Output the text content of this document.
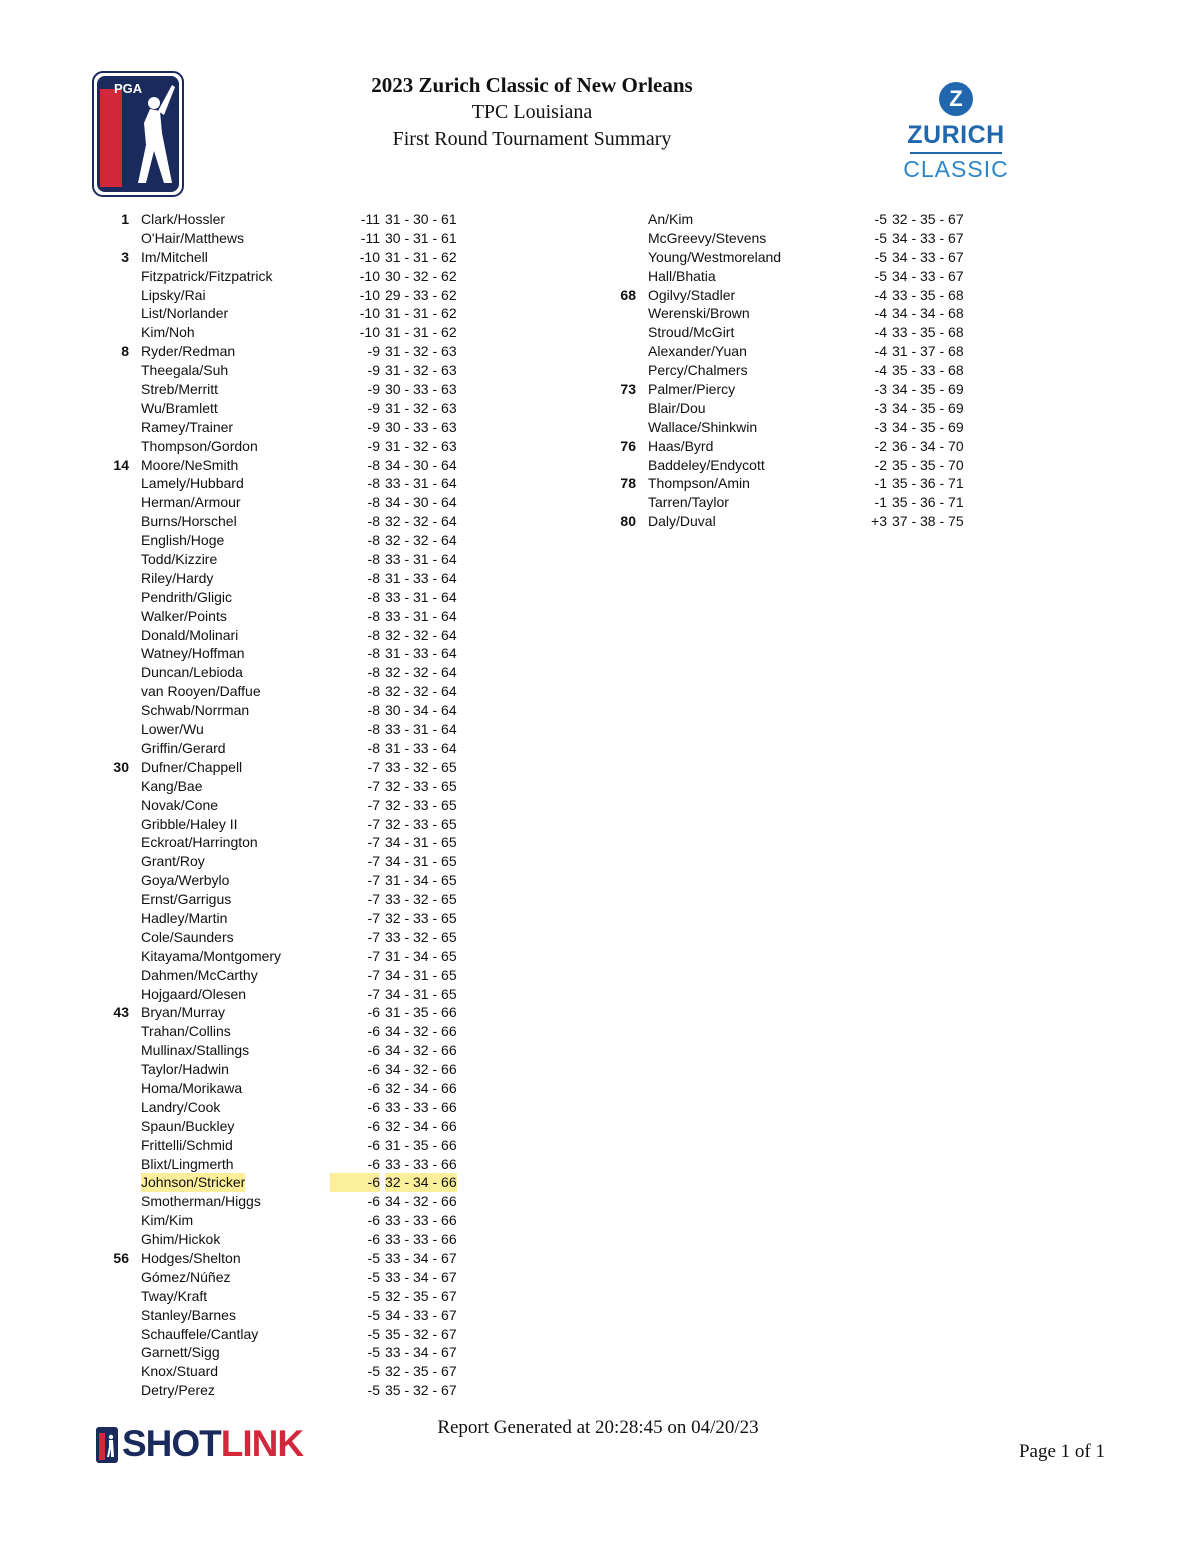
PGA	Z
ZURICH
CLASSIC
2023 Zurich Classic of New Orleans
TPC Louisiana
First Round Tournament Summary
1 Clark/Hossler	-11 31 - 30 - 61
O'Hair/Matthews	-11 30 - 31 - 61
3 Im/Mitchell	-10 31 - 31 - 62
Fitzpatrick/Fitzpatrick	-10 30 - 32 - 62
Lipsky/Rai	-10 29 - 33 - 62
List/Norlander	-10 31 - 31 - 62
Kim/Noh	-10 31 - 31 - 62
8 Ryder/Redman	-9 31 - 32 - 63
Theegala/Suh	-9 31 - 32 - 63
Streb/Merritt	-9 30 - 33 - 63
Wu/Bramlett	-9 31 - 32 - 63
Ramey/Trainer	-9 30 - 33 - 63
Thompson/Gordon	-9 31 - 32 - 63
14 Moore/NeSmith	-8 34 - 30 - 64
Lamely/Hubbard	-8 33 - 31 - 64
Herman/Armour	-8 34 - 30 - 64
Burns/Horschel	-8 32 - 32 - 64
English/Hoge	-8 32 - 32 - 64
Todd/Kizzire	-8 33 - 31 - 64
Riley/Hardy	-8 31 - 33 - 64
Pendrith/Gligic	-8 33 - 31 - 64
Walker/Points	-8 33 - 31 - 64
Donald/Molinari	-8 32 - 32 - 64
Watney/Hoffman	-8 31 - 33 - 64
Duncan/Lebioda	-8 32 - 32 - 64
van Rooyen/Daffue	-8 32 - 32 - 64
Schwab/Norrman	-8 30 - 34 - 64
Lower/Wu	-8 33 - 31 - 64
Griffin/Gerard	-8 31 - 33 - 64
30 Dufner/Chappell	-7 33 - 32 - 65
Kang/Bae	-7 32 - 33 - 65
Novak/Cone	-7 32 - 33 - 65
Gribble/Haley II	-7 32 - 33 - 65
Eckroat/Harrington	-7 34 - 31 - 65
Grant/Roy	-7 34 - 31 - 65
Goya/Werbylo	-7 31 - 34 - 65
Ernst/Garrigus	-7 33 - 32 - 65
Hadley/Martin	-7 32 - 33 - 65
Cole/Saunders	-7 33 - 32 - 65
Kitayama/Montgomery	-7 31 - 34 - 65
Dahmen/McCarthy	-7 34 - 31 - 65
Hojgaard/Olesen	-7 34 - 31 - 65
43 Bryan/Murray	-6 31 - 35 - 66
Trahan/Collins	-6 34 - 32 - 66
Mullinax/Stallings	-6 34 - 32 - 66
Taylor/Hadwin	-6 34 - 32 - 66
Homa/Morikawa	-6 32 - 34 - 66
Landry/Cook	-6 33 - 33 - 66
Spaun/Buckley	-6 32 - 34 - 66
Frittelli/Schmid	-6 31 - 35 - 66
Blixt/Lingmerth	-6 33 - 33 - 66
Johnson/Stricker	-6 32 - 34 - 66
Smotherman/Higgs	-6 34 - 32 - 66
Kim/Kim	-6 33 - 33 - 66
Ghim/Hickok	-6 33 - 33 - 66
56 Hodges/Shelton	-5 33 - 34 - 67
Gómez/Núñez	-5 33 - 34 - 67
Tway/Kraft	-5 32 - 35 - 67
Stanley/Barnes	-5 34 - 33 - 67
Schauffele/Cantlay	-5 35 - 32 - 67
Garnett/Sigg	-5 33 - 34 - 67
Knox/Stuard	-5 32 - 35 - 67
Detry/Perez	-5 35 - 32 - 67
An/Kim	-5 32 - 35 - 67
McGreevy/Stevens	-5 34 - 33 - 67
Young/Westmoreland	-5 34 - 33 - 67
Hall/Bhatia	-5 34 - 33 - 67
68 Ogilvy/Stadler	-4 33 - 35 - 68
Werenski/Brown	-4 34 - 34 - 68
Stroud/McGirt	-4 33 - 35 - 68
Alexander/Yuan	-4 31 - 37 - 68
Percy/Chalmers	-4 35 - 33 - 68
73 Palmer/Piercy	-3 34 - 35 - 69
Blair/Dou	-3 34 - 35 - 69
Wallace/Shinkwin	-3 34 - 35 - 69
76 Haas/Byrd	-2 36 - 34 - 70
Baddeley/Endycott	-2 35 - 35 - 70
78 Thompson/Amin	-1 35 - 36 - 71
Tarren/Taylor	-1 35 - 36 - 71
80 Daly/Duval	+3 37 - 38 - 75
SHOTLINK	Report Generated at 20:28:45 on 04/20/23
Page 1 of 1
